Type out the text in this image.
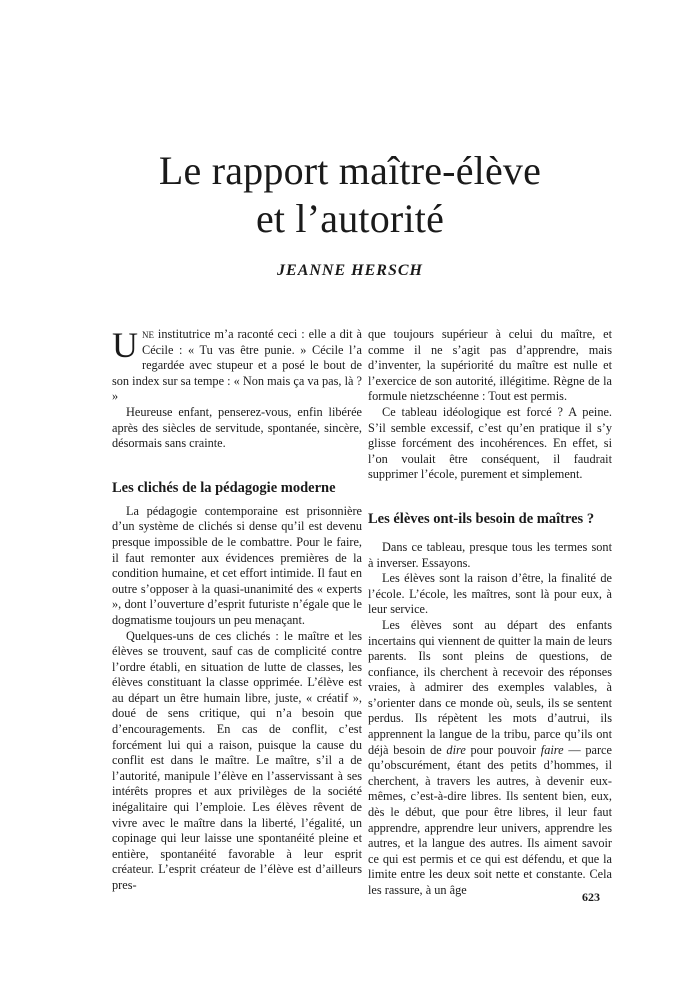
Le rapport maître-élève
et l’autorité
JEANNE HERSCH

Une institutrice m’a raconté ceci : elle a dit à Cécile : « Tu vas être punie. » Cécile l’a regardée avec stupeur et a posé le bout de son index sur sa tempe : « Non mais ça va pas, là ? »

Heureuse enfant, penserez-vous, enfin libérée après des siècles de servitude, spontanée, sincère, désormais sans crainte.

Les clichés de la pédagogie moderne

La pédagogie contemporaine est prisonnière d’un système de clichés si dense qu’il est devenu presque impossible de le combattre. Pour le faire, il faut remonter aux évidences premières de la condition humaine, et cet effort intimide. Il faut en outre s’opposer à la quasi-unanimité des « experts », dont l’ouverture d’esprit futuriste n’égale que le dogmatisme toujours un peu menaçant.

Quelques-uns de ces clichés : le maître et les élèves se trouvent, sauf cas de complicité contre l’ordre établi, en situation de lutte de classes, les élèves constituant la classe opprimée. L’élève est au départ un être humain libre, juste, « créatif », doué de sens critique, qui n’a besoin que d’encouragements. En cas de conflit, c’est forcément lui qui a raison, puisque la cause du conflit est dans le maître. Le maître, s’il a de l’autorité, manipule l’élève en l’asservissant à ses intérêts propres et aux privilèges de la société inégalitaire qui l’emploie. Les élèves rêvent de vivre avec le maître dans la liberté, l’égalité, un copinage qui leur laisse une spontanéité pleine et entière, spontanéité favorable à leur esprit créateur. L’esprit créateur de l’élève est d’ailleurs pres-

que toujours supérieur à celui du maître, et comme il ne s’agit pas d’apprendre, mais d’inventer, la supériorité du maître est nulle et l’exercice de son autorité, illégitime. Règne de la formule nietzschéenne : Tout est permis.

Ce tableau idéologique est forcé ? A peine. S’il semble excessif, c’est qu’en pratique il s’y glisse forcément des incohérences. En effet, si l’on voulait être conséquent, il faudrait supprimer l’école, purement et simplement.

Les élèves ont-ils besoin de maîtres ?

Dans ce tableau, presque tous les termes sont à inverser. Essayons.

Les élèves sont la raison d’être, la finalité de l’école. L’école, les maîtres, sont là pour eux, à leur service.

Les élèves sont au départ des enfants incertains qui viennent de quitter la main de leurs parents. Ils sont pleins de questions, de confiance, ils cherchent à recevoir des réponses vraies, à admirer des exemples valables, à s’orienter dans ce monde où, seuls, ils se sentent perdus. Ils répètent les mots d’autrui, ils apprennent la langue de la tribu, parce qu’ils ont déjà besoin de dire pour pouvoir faire — parce qu’obscurément, étant des petits d’hommes, il cherchent, à travers les autres, à devenir eux-mêmes, c’est-à-dire libres. Ils sentent bien, eux, dès le début, que pour être libres, il leur faut apprendre, apprendre leur univers, apprendre les autres, et la langue des autres. Ils aiment savoir ce qui est permis et ce qui est défendu, et que la limite entre les deux soit nette et constante. Cela les rassure, à un âge	623
